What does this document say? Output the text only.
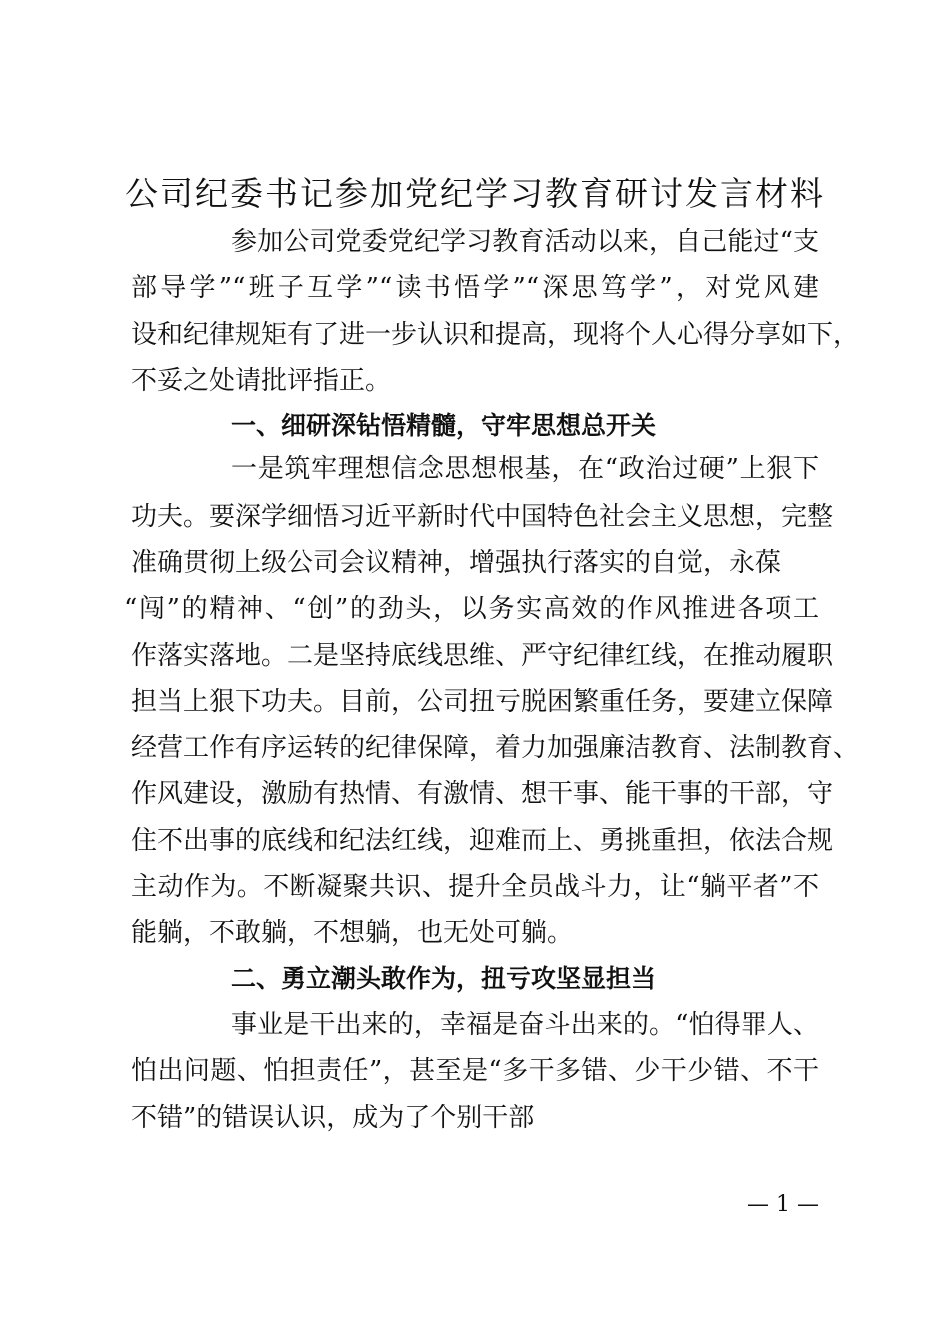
公司纪委书记参加党纪学习教育研讨发言材料
参加公司党委党纪学习教育活动以来，自己能过“支
部导学”“班子互学”“读书悟学”“深思笃学”，对党风建
设和纪律规矩有了进一步认识和提高，现将个人心得分享如下，
不妥之处请批评指正。
一、细研深钻悟精髓，守牢思想总开关
一是筑牢理想信念思想根基，在“政治过硬”上狠下
功夫。要深学细悟习近平新时代中国特色社会主义思想，完整
准确贯彻上级公司会议精神，增强执行落实的自觉，永葆
“闯”的精神、“创”的劲头，以务实高效的作风推进各项工
作落实落地。二是坚持底线思维、严守纪律红线，在推动履职
担当上狠下功夫。目前，公司扭亏脱困繁重任务，要建立保障
经营工作有序运转的纪律保障，着力加强廉洁教育、法制教育、
作风建设，激励有热情、有激情、想干事、能干事的干部，守
住不出事的底线和纪法红线，迎难而上、勇挑重担，依法合规
主动作为。不断凝聚共识、提升全员战斗力，让“躺平者”不
能躺，不敢躺，不想躺，也无处可躺。
二、勇立潮头敢作为，扭亏攻坚显担当
事业是干出来的，幸福是奋斗出来的。“怕得罪人、
怕出问题、怕担责任”，甚至是“多干多错、少干少错、不干
不错”的错误认识，成为了个别干部
— 1 —
